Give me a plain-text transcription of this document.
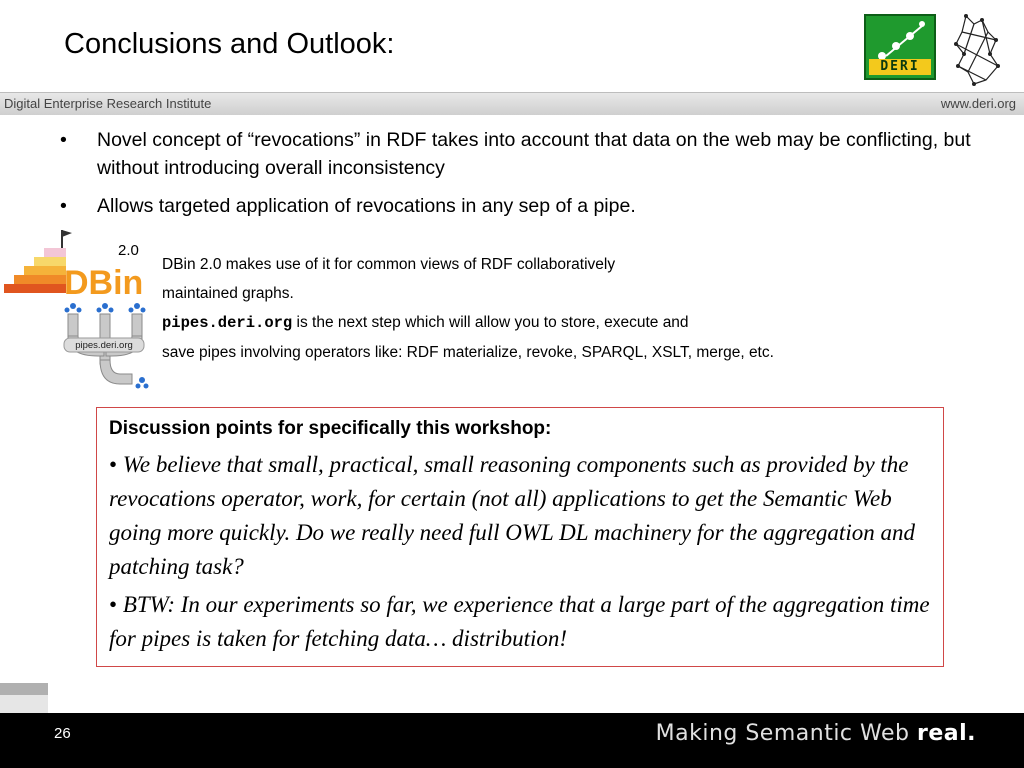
Conclusions and Outlook:
DERI
Digital Enterprise Research Institute	www.deri.org
• Novel concept of “revocations” in RDF takes into account that data on the web may be conflicting, but without introducing overall inconsistency
• Allows targeted application of revocations in any sep of a pipe.
DBin
2.0
pipes.deri.org
DBin 2.0 makes use of it for common views of RDF collaboratively
maintained graphs.
pipes.deri.org is the next step which will allow you to store, execute and
save pipes involving operators like: RDF materialize, revoke, SPARQL, XSLT, merge, etc.
Discussion points for specifically this workshop:

• We believe that small, practical, small reasoning components such as provided by the revocations operator, work, for certain (not all) applications to get the Semantic Web going more quickly. Do we really need full OWL DL machinery for the aggregation and patching task?

• BTW: In our experiments so far, we experience that a large part of the aggregation time for pipes is taken for fetching data… distribution!

26	Making Semantic Web real.
